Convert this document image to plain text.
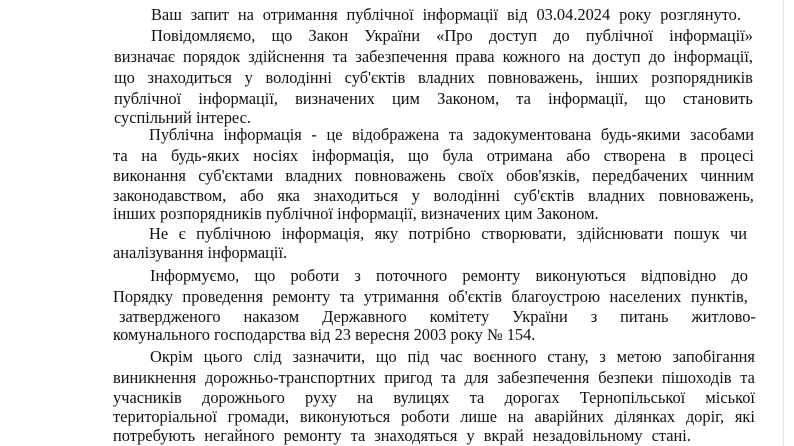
Ваш запит на отримання публічної інформації від 03.04.2024 року розглянуто.
Повідомляємо, що Закон України «Про доступ до публічної інформації»
визначає порядок здійснення та забезпечення права кожного на доступ до інформації,
що знаходиться у володінні суб'єктів владних повноважень, інших розпорядників
публічної інформації, визначених цим Законом, та інформації, що становить
суспільний інтерес.
Публічна інформація - це відображена та задокументована будь-якими засобами
та на будь-яких носіях інформація, що була отримана або створена в процесі
виконання суб'єктами владних повноважень своїх обов'язків, передбачених чинним
законодавством, або яка знаходиться у володінні суб'єктів владних повноважень,
інших розпорядників публічної інформації, визначених цим Законом.
Не є публічною інформація, яку потрібно створювати, здійснювати пошук чи
аналізування інформації.
Інформуємо, що роботи з поточного ремонту виконуються відповідно до
Порядку проведення ремонту та утримання об'єктів благоустрою населених пунктів,
затвердженого наказом Державного комітету України з питань житлово-
комунального господарства від 23 вересня 2003 року № 154.
Окрім цього слід зазначити, що під час воєнного стану, з метою запобігання
виникнення дорожньо-транспортних пригод та для забезпечення безпеки пішоходів та
учасників дорожнього руху на вулицях та дорогах Тернопільської міської
територіальної громади, виконуються роботи лише на аварійних ділянках доріг, які
потребують негайного ремонту та знаходяться у вкрай незадовільному стані.
